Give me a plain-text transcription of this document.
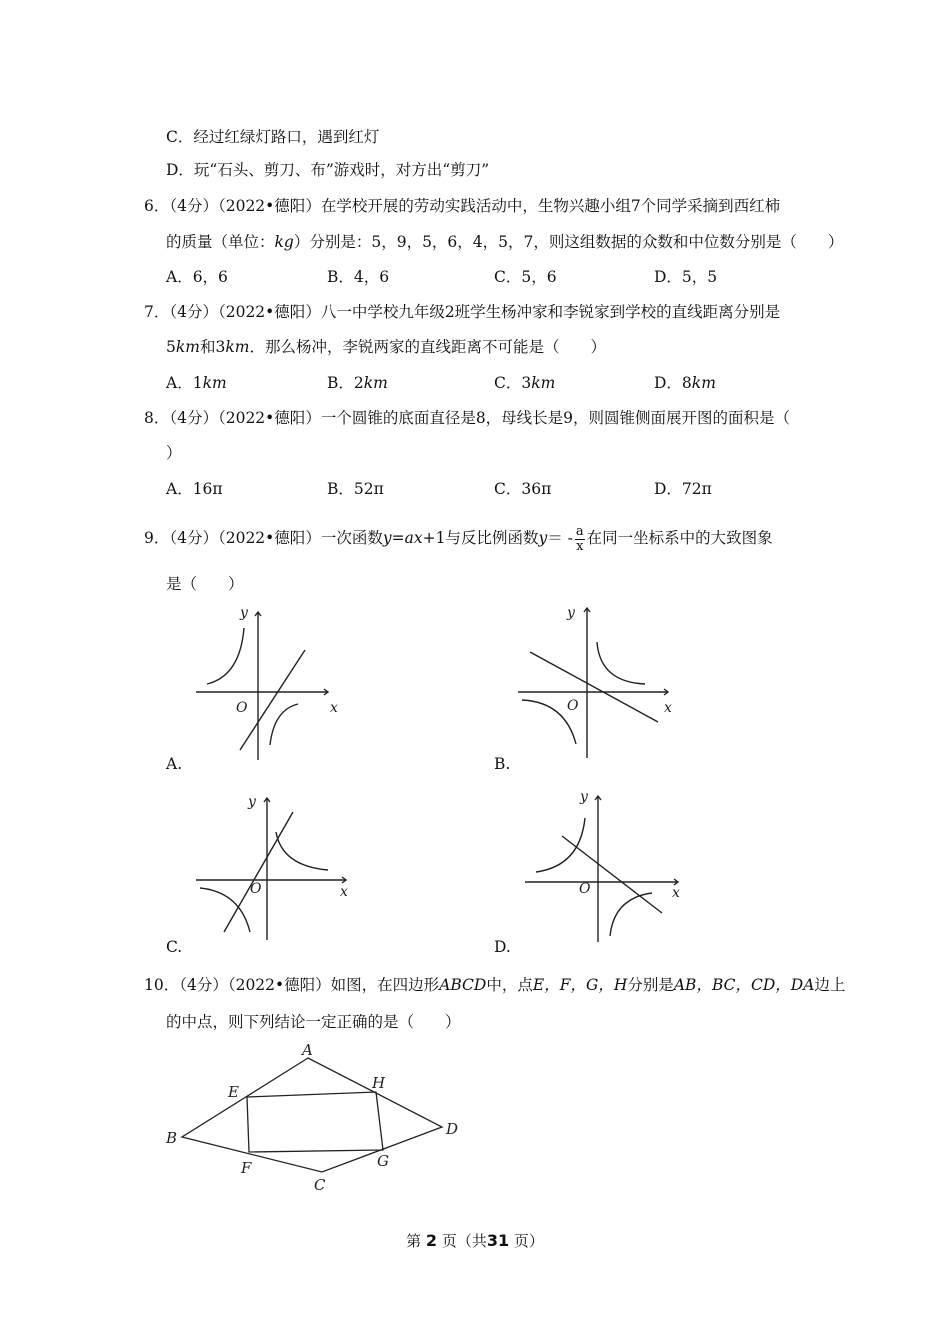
C．经过红绿灯路口，遇到红灯
D．玩“石头、剪刀、布”游戏时，对方出“剪刀”
6．（4分）（2022•德阳）在学校开展的劳动实践活动中，生物兴趣小组7个同学采摘到西红柿
的质量（单位：kg）分别是：5，9，5，6，4，5，7，则这组数据的众数和中位数分别是（　　）
A．6，6	B．4，6	C．5，6	D．5，5
7．（4分）（2022•德阳）八一中学校九年级2班学生杨冲家和李锐家到学校的直线距离分别是
5km和3km．那么杨冲，李锐两家的直线距离不可能是（　　）
A．1km	B．2km	C．3km	D．8km
8．（4分）（2022•德阳）一个圆锥的底面直径是8，母线长是9，则圆锥侧面展开图的面积是（
）
A．16π	B．52π	C．36π	D．72π
9．（4分）（2022•德阳）一次函数y=ax+1与反比例函数$y= - \frac{a}{x}$ 在同一坐标系中的大致图象
是（　　）
x
y
O	x
y
O
x
y
O	x
y
O
A.	B.
C.	D.
10．（4分）（2022•德阳）如图，在四边形ABCD中，点E，F，G，H分别是AB，BC，CD，DA边上
的中点，则下列结论一定正确的是（　　）
A
B
C
D
E
F	G
H
第 2 页（共31 页）
